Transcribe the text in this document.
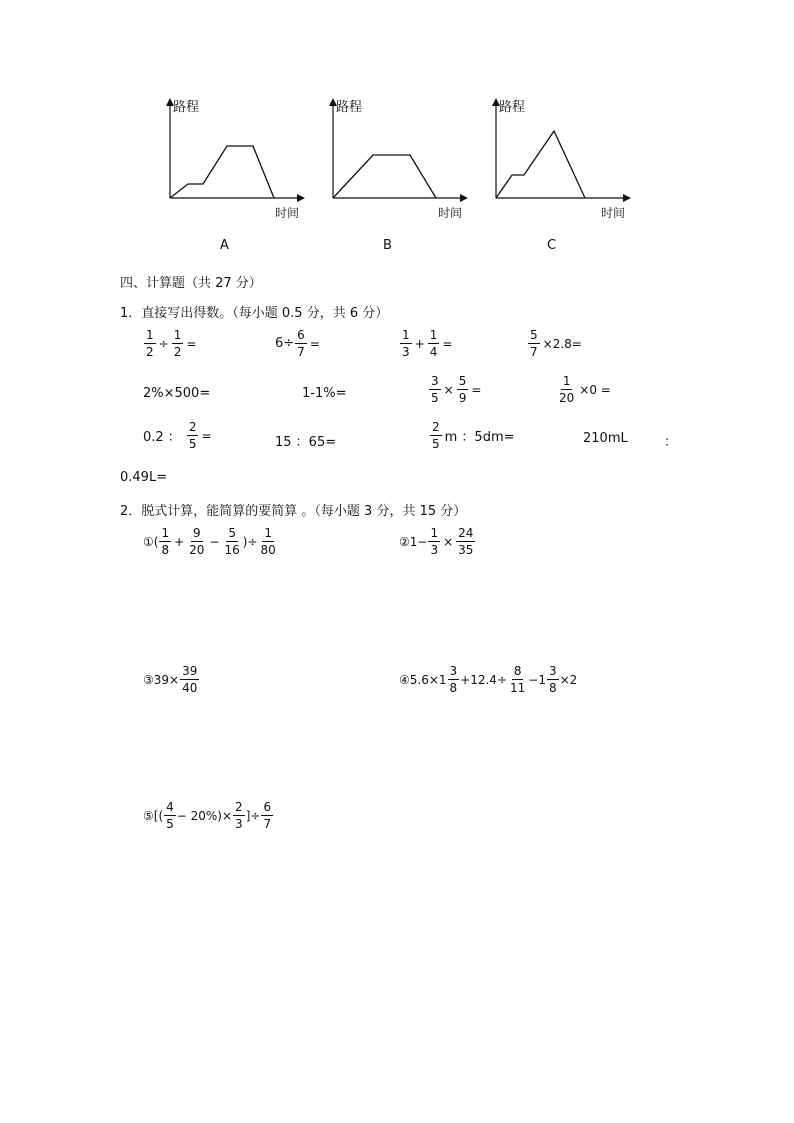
路程
时间
A
路程
时间
B
路程
时间
C
四、计算题（共 27 分）
1．直接写出得数。（每小题 0.5 分，共 6 分）
$\frac{1}{2} \div \frac{1}{2}$ =	$6\div \frac{6}{7}$ =	$\frac{1}{3} + \frac{1}{4}$ =	$\frac{5}{7} \times 2.8=$
2%×500=	1-1%=	$\frac{3}{5} \times \frac{5}{9}$ =	$\frac{1}{20} \times 0$ =
0.2 ： $\frac{2}{5}$ =	15 ：65=	$\frac{2}{5}$ m ：5dm=	210mL	：
0.49L=
2．脱式计算，能简算的要简算 。（每小题 3 分，共 15 分）
①( $\frac{1}{8} + \frac{9}{20} - \frac{5}{16}$ )÷ $\frac{1}{80}$	②1− $\frac{1}{3} \times \frac{24}{35}$
③39× $\frac{39}{40}$	④5.6×1 $\frac{3}{8} +12.4\div \frac{8}{11} -1 \frac{3}{8} \times 2$
⑤[( $\frac{4}{5} - 20\%)\times \frac{2}{3}$ ]÷ $\frac{6}{7}$
